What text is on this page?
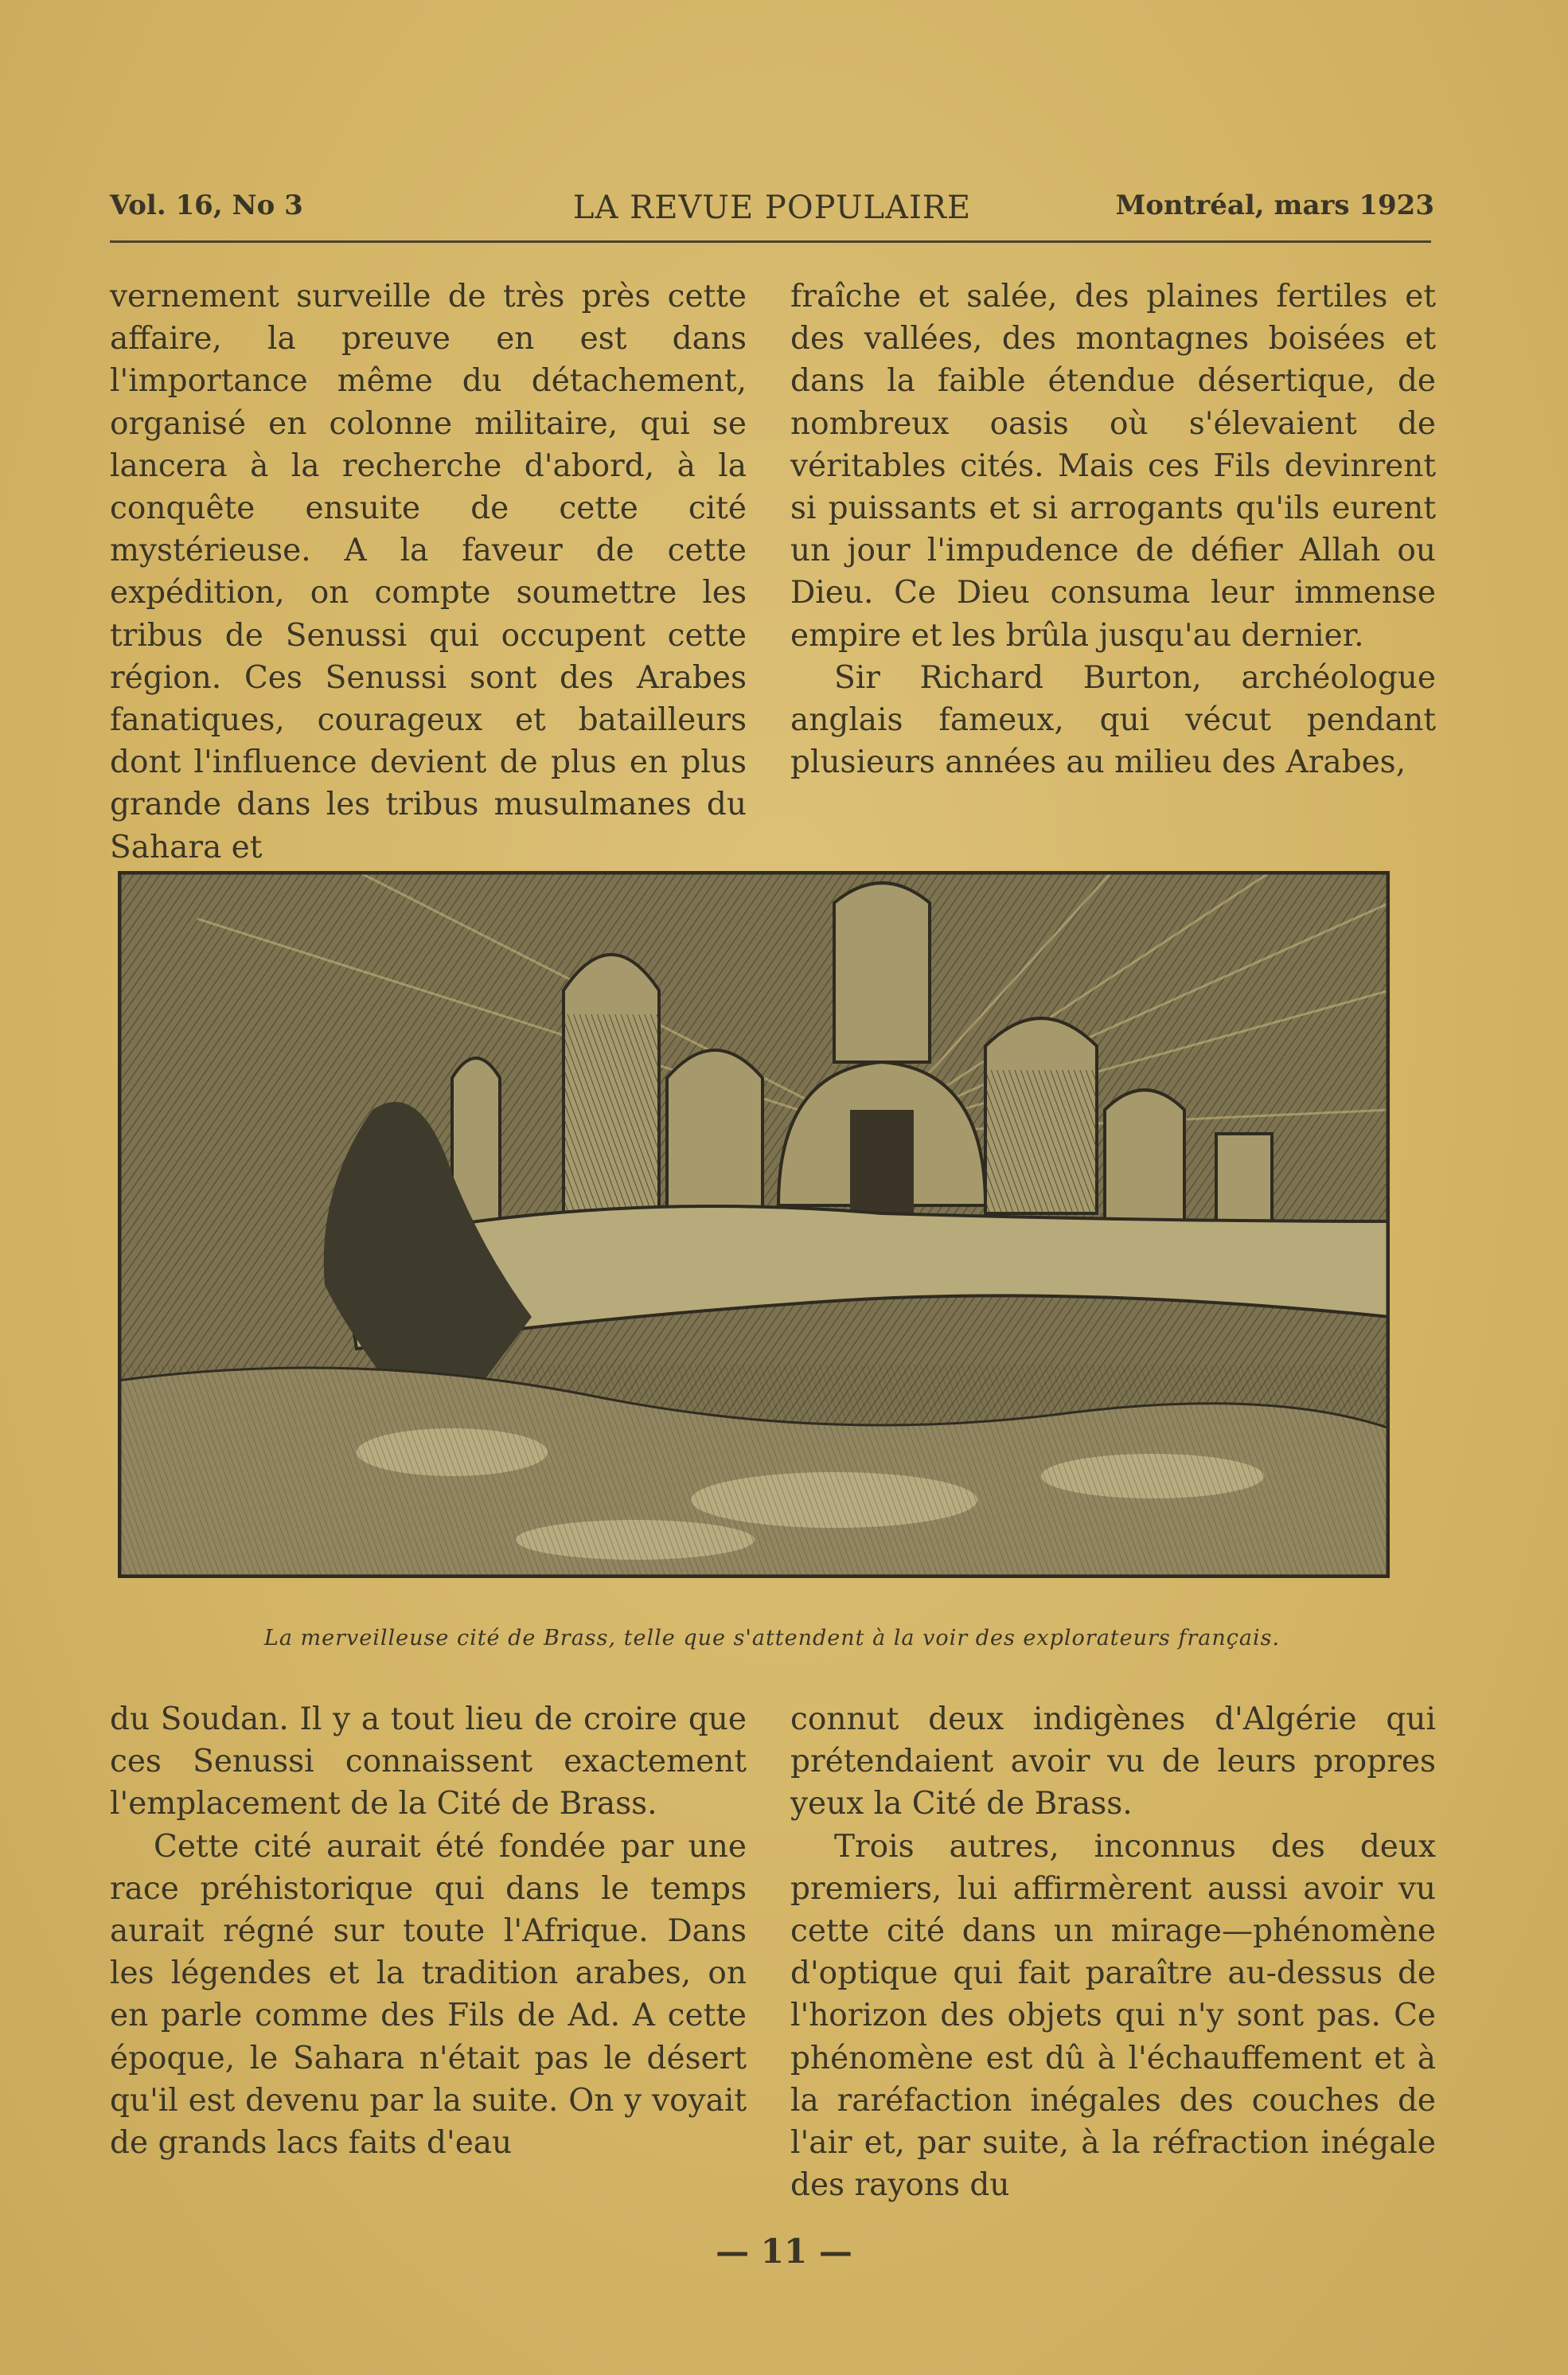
Vol. 16, No 3	LA REVUE POPULAIRE	Montréal, mars 1923

vernement surveille de très près cette affaire, la preuve en est dans l'importance même du détachement, organisé en colonne militaire, qui se lancera à la recherche d'abord, à la conquête ensuite de cette cité mystérieuse. A la faveur de cette expédition, on compte soumettre les tribus de Senussi qui occupent cette région. Ces Senussi sont des Arabes fanatiques, courageux et batailleurs dont l'influence devient de plus en plus grande dans les tribus musulmanes du Sahara et

fraîche et salée, des plaines fertiles et des vallées, des montagnes boisées et dans la faible étendue désertique, de nombreux oasis où s'élevaient de véritables cités. Mais ces Fils devinrent si puissants et si arrogants qu'ils eurent un jour l'impudence de défier Allah ou Dieu. Ce Dieu consuma leur immense empire et les brûla jusqu'au dernier.

Sir Richard Burton, archéologue anglais fameux, qui vécut pendant plusieurs années au milieu des Arabes,

La merveilleuse cité de Brass, telle que s'attendent à la voir des explorateurs français.

du Soudan. Il y a tout lieu de croire que ces Senussi connaissent exactement l'emplacement de la Cité de Brass.

Cette cité aurait été fondée par une race préhistorique qui dans le temps aurait régné sur toute l'Afrique. Dans les légendes et la tradition arabes, on en parle comme des Fils de Ad. A cette époque, le Sahara n'était pas le désert qu'il est devenu par la suite. On y voyait de grands lacs faits d'eau

connut deux indigènes d'Algérie qui prétendaient avoir vu de leurs propres yeux la Cité de Brass.

Trois autres, inconnus des deux premiers, lui affirmèrent aussi avoir vu cette cité dans un mirage—phénomène d'optique qui fait paraître au-dessus de l'horizon des objets qui n'y sont pas. Ce phénomène est dû à l'échauffement et à la raréfaction inégales des couches de l'air et, par suite, à la réfraction inégale des rayons du

— 11 —
